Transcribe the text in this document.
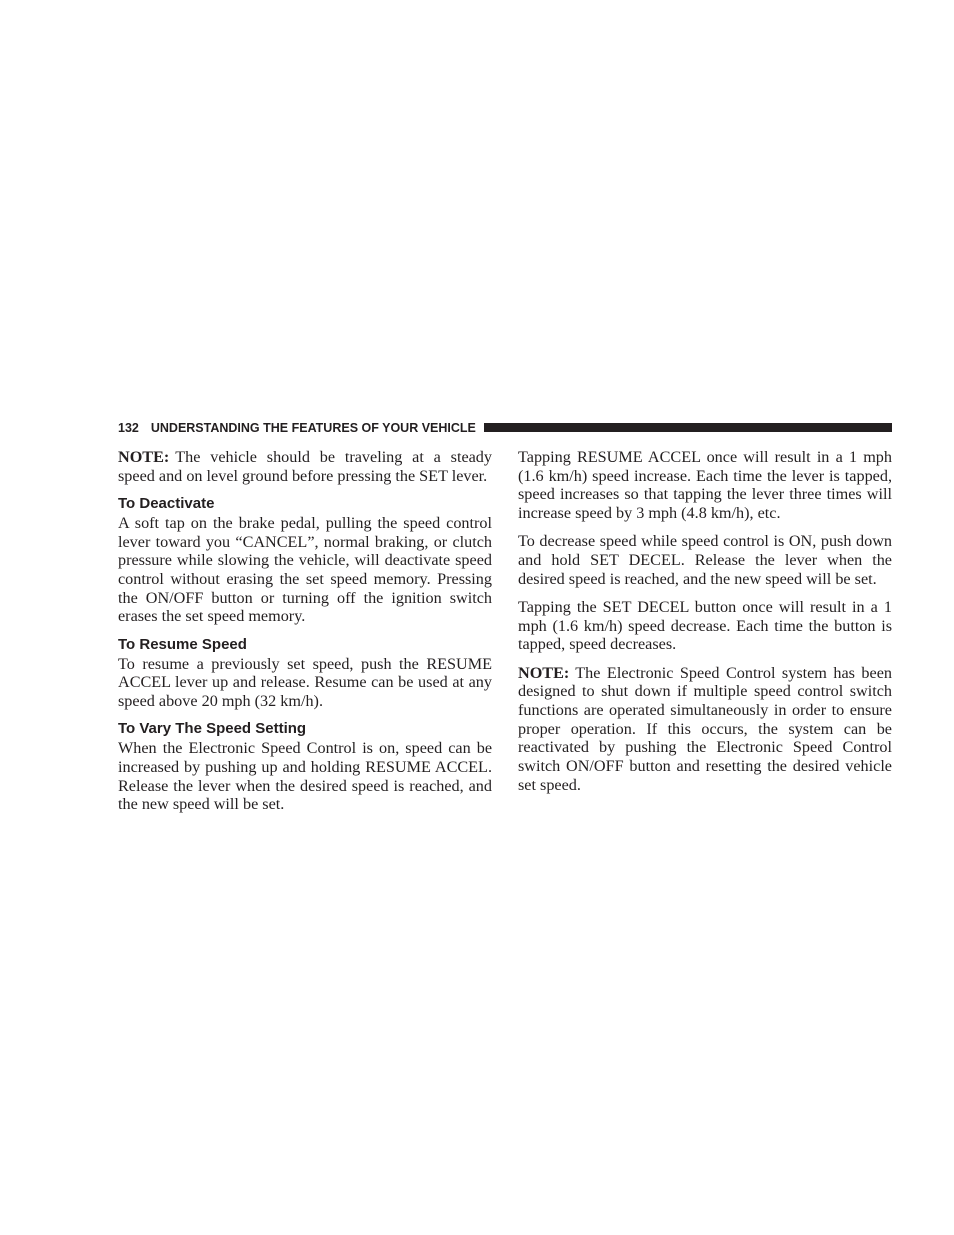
132 UNDERSTANDING THE FEATURES OF YOUR VEHICLE

NOTE: The vehicle should be traveling at a steady speed and on level ground before pressing the SET lever.

To Deactivate

A soft tap on the brake pedal, pulling the speed control lever toward you “CANCEL”, normal braking, or clutch pressure while slowing the vehicle, will deactivate speed control without erasing the set speed memory. Pressing the ON/OFF button or turning off the ignition switch erases the set speed memory.

To Resume Speed

To resume a previously set speed, push the RESUME ACCEL lever up and release. Resume can be used at any speed above 20 mph (32 km/h).

To Vary The Speed Setting

When the Electronic Speed Control is on, speed can be increased by pushing up and holding RESUME ACCEL. Release the lever when the desired speed is reached, and the new speed will be set.

Tapping RESUME ACCEL once will result in a 1 mph (1.6 km/h) speed increase. Each time the lever is tapped, speed increases so that tapping the lever three times will increase speed by 3 mph (4.8 km/h), etc.

To decrease speed while speed control is ON, push down and hold SET DECEL. Release the lever when the desired speed is reached, and the new speed will be set.

Tapping the SET DECEL button once will result in a 1 mph (1.6 km/h) speed decrease. Each time the button is tapped, speed decreases.

NOTE: The Electronic Speed Control system has been designed to shut down if multiple speed control switch functions are operated simultaneously in order to ensure proper operation. If this occurs, the system can be reactivated by pushing the Electronic Speed Control switch ON/OFF button and resetting the desired vehicle set speed.
